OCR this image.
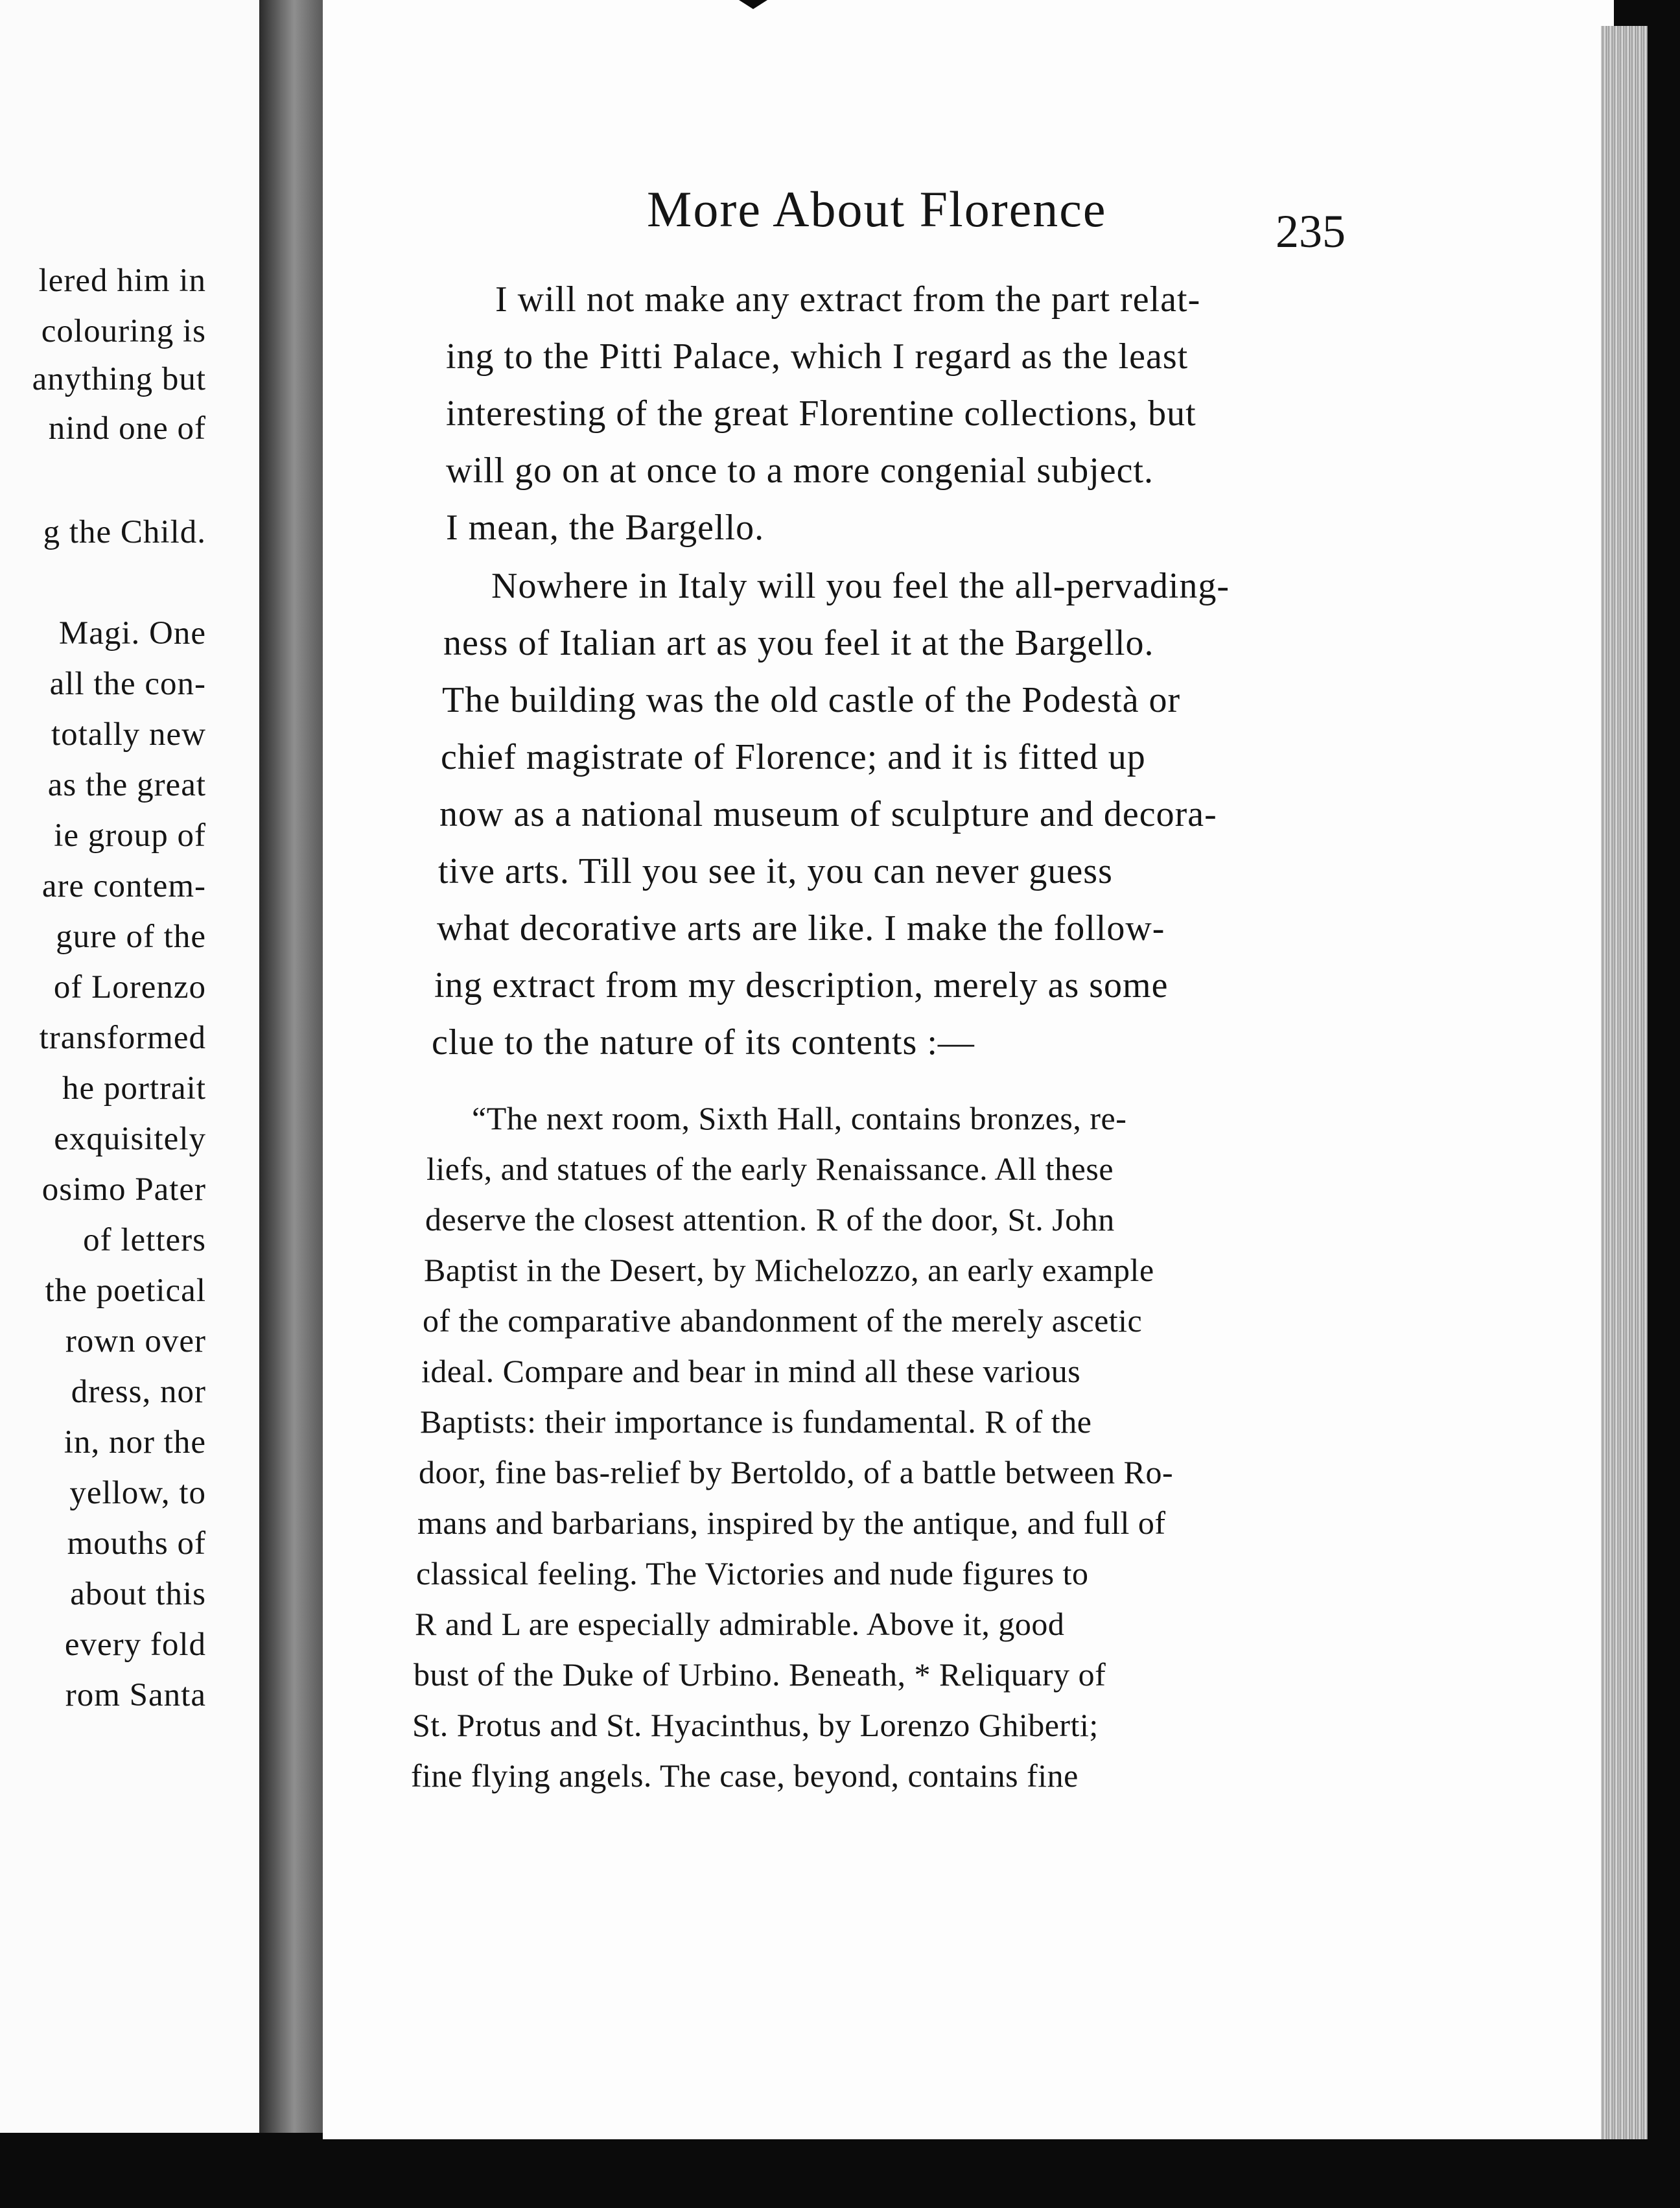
lered him in
colouring is
anything but
nind one of
g the Child.
Magi. One
all the con-
totally new
as the great
ie group of
are contem-
gure of the
of Lorenzo
transformed
he portrait
exquisitely
osimo Pater
of letters
the poetical
rown over
dress, nor
in, nor the
yellow, to
mouths of
about this
every fold
rom Santa
More About Florence	235
I will not make any extract from the part relat-
ing to the Pitti Palace, which I regard as the least
interesting of the great Florentine collections, but
will go on at once to a more congenial subject.
I mean, the Bargello.
Nowhere in Italy will you feel the all-pervading-
ness of Italian art as you feel it at the Bargello.
The building was the old castle of the Podestà or
chief magistrate of Florence; and it is fitted up
now as a national museum of sculpture and decora-
tive arts. Till you see it, you can never guess
what decorative arts are like. I make the follow-
ing extract from my description, merely as some
clue to the nature of its contents :—
“The next room, Sixth Hall, contains bronzes, re-
liefs, and statues of the early Renaissance. All these
deserve the closest attention. R of the door, St. John
Baptist in the Desert, by Michelozzo, an early example
of the comparative abandonment of the merely ascetic
ideal. Compare and bear in mind all these various
Baptists: their importance is fundamental. R of the
door, fine bas-relief by Bertoldo, of a battle between Ro-
mans and barbarians, inspired by the antique, and full of
classical feeling. The Victories and nude figures to
R and L are especially admirable. Above it, good
bust of the Duke of Urbino. Beneath, * Reliquary of
St. Protus and St. Hyacinthus, by Lorenzo Ghiberti;
fine flying angels. The case, beyond, contains fine
